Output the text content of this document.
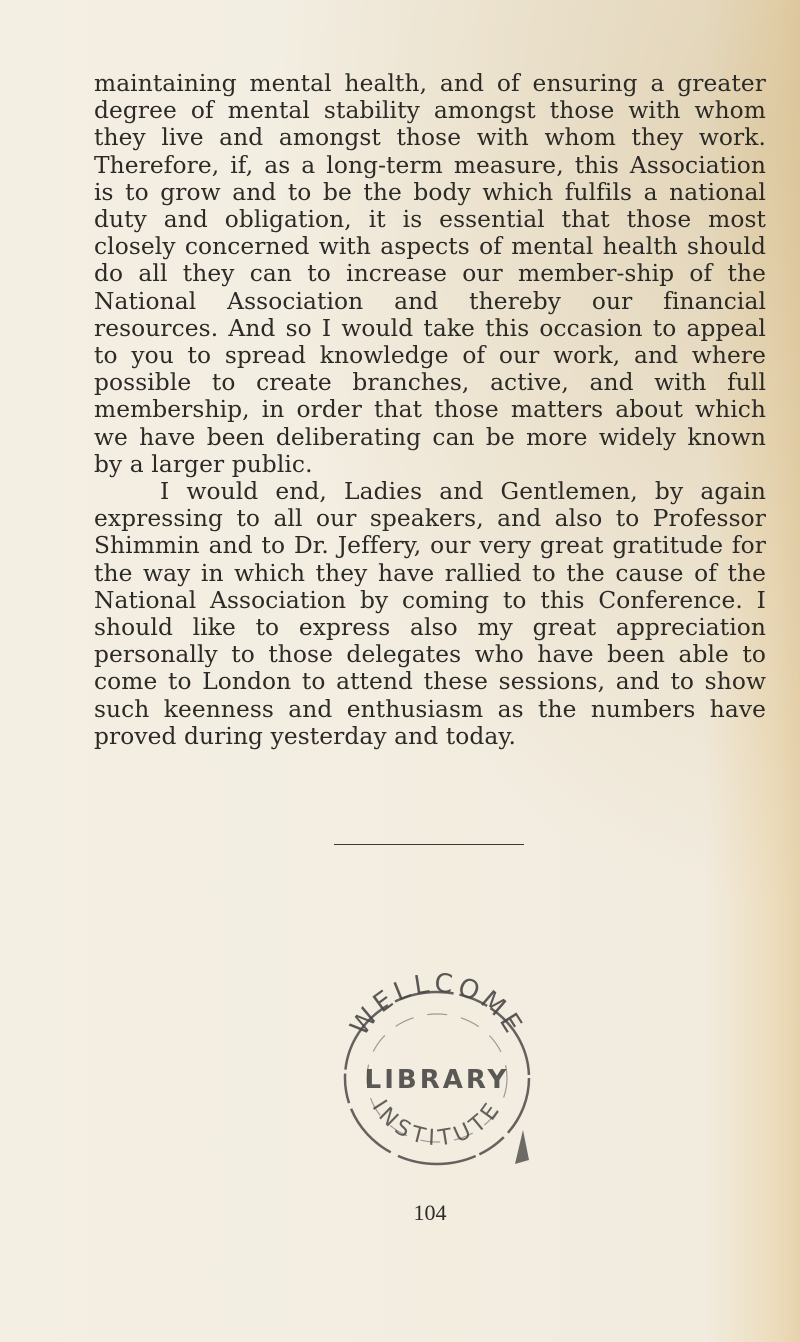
maintaining mental health, and of ensuring a greater degree of mental stability amongst those with whom they live and amongst those with whom they work. Therefore, if, as a long-term measure, this Association is to grow and to be the body which fulfils a national duty and obligation, it is essential that those most closely concerned with aspects of mental health should do all they can to increase our member-ship of the National Association and thereby our financial resources. And so I would take this occasion to appeal to you to spread knowledge of our work, and where possible to create branches, active, and with full membership, in order that those matters about which we have been deliberating can be more widely known by a larger public.

I would end, Ladies and Gentlemen, by again expressing to all our speakers, and also to Professor Shimmin and to Dr. Jeffery, our very great gratitude for the way in which they have rallied to the cause of the National Association by coming to this Conference. I should like to express also my great appreciation personally to those delegates who have been able to come to London to attend these sessions, and to show such keenness and enthusiasm as the numbers have proved during yesterday and today.

WELLCOME
LIBRARY
INSTITUTE
104
